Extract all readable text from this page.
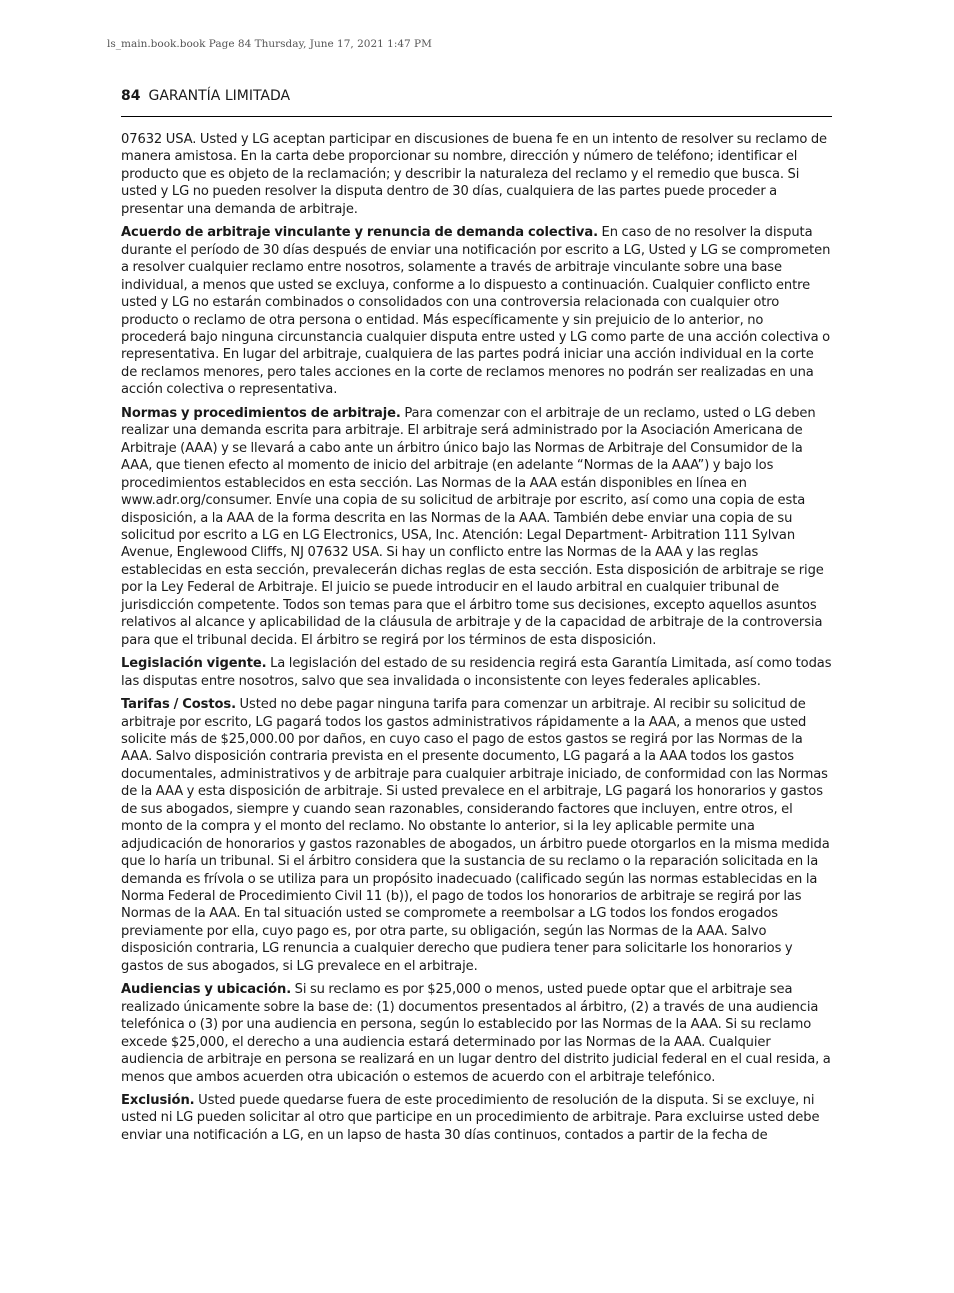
ls_main.book.book Page 84 Thursday, June 17, 2021 1:47 PM
84 GARANTÍA LIMITADA

07632 USA. Usted y LG aceptan participar en discusiones de buena fe en un intento de resolver su reclamo de manera amistosa. En la carta debe proporcionar su nombre, dirección y número de teléfono; identificar el producto que es objeto de la reclamación; y describir la naturaleza del reclamo y el remedio que busca. Si usted y LG no pueden resolver la disputa dentro de 30 días, cualquiera de las partes puede proceder a presentar una demanda de arbitraje.

Acuerdo de arbitraje vinculante y renuncia de demanda colectiva. En caso de no resolver la disputa durante el período de 30 días después de enviar una notificación por escrito a LG, Usted y LG se comprometen a resolver cualquier reclamo entre nosotros, solamente a través de arbitraje vinculante sobre una base individual, a menos que usted se excluya, conforme a lo dispuesto a continuación. Cualquier conflicto entre usted y LG no estarán combinados o consolidados con una controversia relacionada con cualquier otro producto o reclamo de otra persona o entidad. Más específicamente y sin prejuicio de lo anterior, no procederá bajo ninguna circunstancia cualquier disputa entre usted y LG como parte de una acción colectiva o representativa. En lugar del arbitraje, cualquiera de las partes podrá iniciar una acción individual en la corte de reclamos menores, pero tales acciones en la corte de reclamos menores no podrán ser realizadas en una acción colectiva o representativa.

Normas y procedimientos de arbitraje. Para comenzar con el arbitraje de un reclamo, usted o LG deben realizar una demanda escrita para arbitraje. El arbitraje será administrado por la Asociación Americana de Arbitraje (AAA) y se llevará a cabo ante un árbitro único bajo las Normas de Arbitraje del Consumidor de la AAA, que tienen efecto al momento de inicio del arbitraje (en adelante “Normas de la AAA”) y bajo los procedimientos establecidos en esta sección. Las Normas de la AAA están disponibles en línea en www.adr.org/consumer. Envíe una copia de su solicitud de arbitraje por escrito, así como una copia de esta disposición, a la AAA de la forma descrita en las Normas de la AAA. También debe enviar una copia de su solicitud por escrito a LG en LG Electronics, USA, Inc. Atención: Legal Department- Arbitration 111 Sylvan Avenue, Englewood Cliffs, NJ 07632 USA. Si hay un conflicto entre las Normas de la AAA y las reglas establecidas en esta sección, prevalecerán dichas reglas de esta sección. Esta disposición de arbitraje se rige por la Ley Federal de Arbitraje. El juicio se puede introducir en el laudo arbitral en cualquier tribunal de jurisdicción competente. Todos son temas para que el árbitro tome sus decisiones, excepto aquellos asuntos relativos al alcance y aplicabilidad de la cláusula de arbitraje y de la capacidad de arbitraje de la controversia para que el tribunal decida. El árbitro se regirá por los términos de esta disposición.

Legislación vigente. La legislación del estado de su residencia regirá esta Garantía Limitada, así como todas las disputas entre nosotros, salvo que sea invalidada o inconsistente con leyes federales aplicables.

Tarifas / Costos. Usted no debe pagar ninguna tarifa para comenzar un arbitraje. Al recibir su solicitud de arbitraje por escrito, LG pagará todos los gastos administrativos rápidamente a la AAA, a menos que usted solicite más de $25,000.00 por daños, en cuyo caso el pago de estos gastos se regirá por las Normas de la AAA. Salvo disposición contraria prevista en el presente documento, LG pagará a la AAA todos los gastos documentales, administrativos y de arbitraje para cualquier arbitraje iniciado, de conformidad con las Normas de la AAA y esta disposición de arbitraje. Si usted prevalece en el arbitraje, LG pagará los honorarios y gastos de sus abogados, siempre y cuando sean razonables, considerando factores que incluyen, entre otros, el monto de la compra y el monto del reclamo. No obstante lo anterior, si la ley aplicable permite una adjudicación de honorarios y gastos razonables de abogados, un árbitro puede otorgarlos en la misma medida que lo haría un tribunal. Si el árbitro considera que la sustancia de su reclamo o la reparación solicitada en la demanda es frívola o se utiliza para un propósito inadecuado (calificado según las normas establecidas en la Norma Federal de Procedimiento Civil 11 (b)), el pago de todos los honorarios de arbitraje se regirá por las Normas de la AAA. En tal situación usted se compromete a reembolsar a LG todos los fondos erogados previamente por ella, cuyo pago es, por otra parte, su obligación, según las Normas de la AAA. Salvo disposición contraria, LG renuncia a cualquier derecho que pudiera tener para solicitarle los honorarios y gastos de sus abogados, si LG prevalece en el arbitraje.

Audiencias y ubicación. Si su reclamo es por $25,000 o menos, usted puede optar que el arbitraje sea realizado únicamente sobre la base de: (1) documentos presentados al árbitro, (2) a través de una audiencia telefónica o (3) por una audiencia en persona, según lo establecido por las Normas de la AAA. Si su reclamo excede $25,000, el derecho a una audiencia estará determinado por las Normas de la AAA. Cualquier audiencia de arbitraje en persona se realizará en un lugar dentro del distrito judicial federal en el cual resida, a menos que ambos acuerden otra ubicación o estemos de acuerdo con el arbitraje telefónico.

Exclusión. Usted puede quedarse fuera de este procedimiento de resolución de la disputa. Si se excluye, ni usted ni LG pueden solicitar al otro que participe en un procedimiento de arbitraje. Para excluirse usted debe enviar una notificación a LG, en un lapso de hasta 30 días continuos, contados a partir de la fecha de
